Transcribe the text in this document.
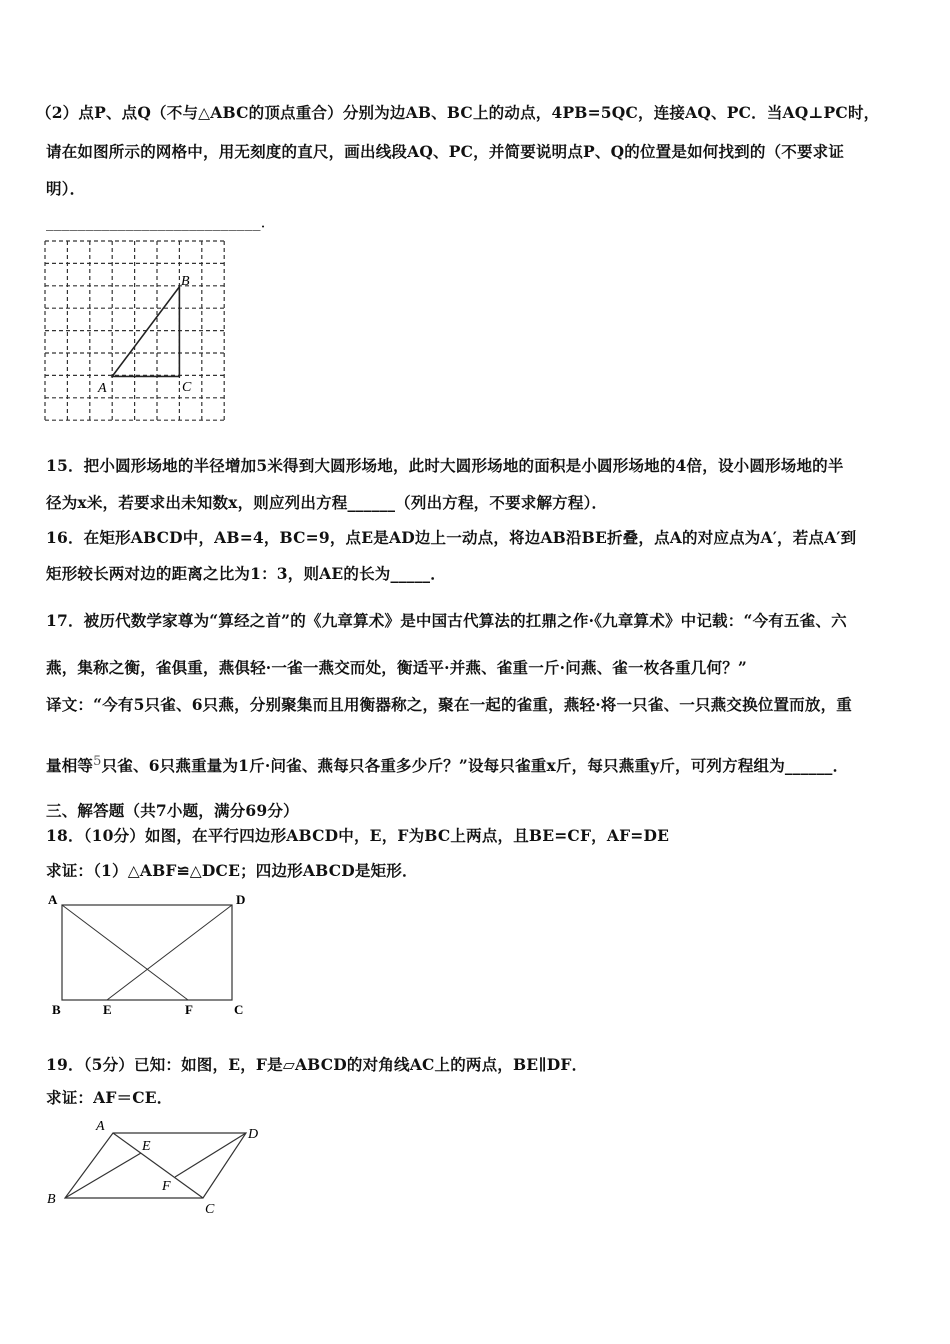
（2）点P、点Q（不与△ABC的顶点重合）分别为边AB、BC上的动点，4PB=5QC，连接AQ、PC．当AQ⊥PC时，
请在如图所示的网格中，用无刻度的直尺，画出线段AQ、PC，并简要说明点P、Q的位置是如何找到的（不要求证
明）．
___________________________．
A
B
C
15．把小圆形场地的半径增加5米得到大圆形场地，此时大圆形场地的面积是小圆形场地的4倍，设小圆形场地的半
径为x米，若要求出未知数x，则应列出方程______（列出方程，不要求解方程）．
16．在矩形ABCD中，AB=4，BC=9，点E是AD边上一动点，将边AB沿BE折叠，点A的对应点为A′，若点A′到
矩形较长两对边的距离之比为1：3，则AE的长为_____．
17．被历代数学家尊为“算经之首”的《九章算术》是中国古代算法的扛鼎之作·《九章算术》中记载：“今有五雀、六
燕，集称之衡，雀俱重，燕俱轻·一雀一燕交而处，衡适平·并燕、雀重一斤·问燕、雀一枚各重几何？”
译文：“今有5只雀、6只燕，分别聚集而且用衡器称之，聚在一起的雀重，燕轻·将一只雀、一只燕交换位置而放，重
量相等$^5$只雀、6只燕重量为1斤·问雀、燕每只各重多少斤？”设每只雀重x斤，每只燕重y斤，可列方程组为______．
三、解答题（共7小题，满分69分）
18．（10分）如图，在平行四边形ABCD中，E，F为BC上两点，且BE=CF，AF=DE
求证：（1）△ABF≌△DCE；四边形ABCD是矩形．
A	D
B	E	F	C
19．（5分）已知：如图，E，F是▱ABCD的对角线AC上的两点，BE∥DF．
求证：AF＝CE．
A
D
E
F
B
C
